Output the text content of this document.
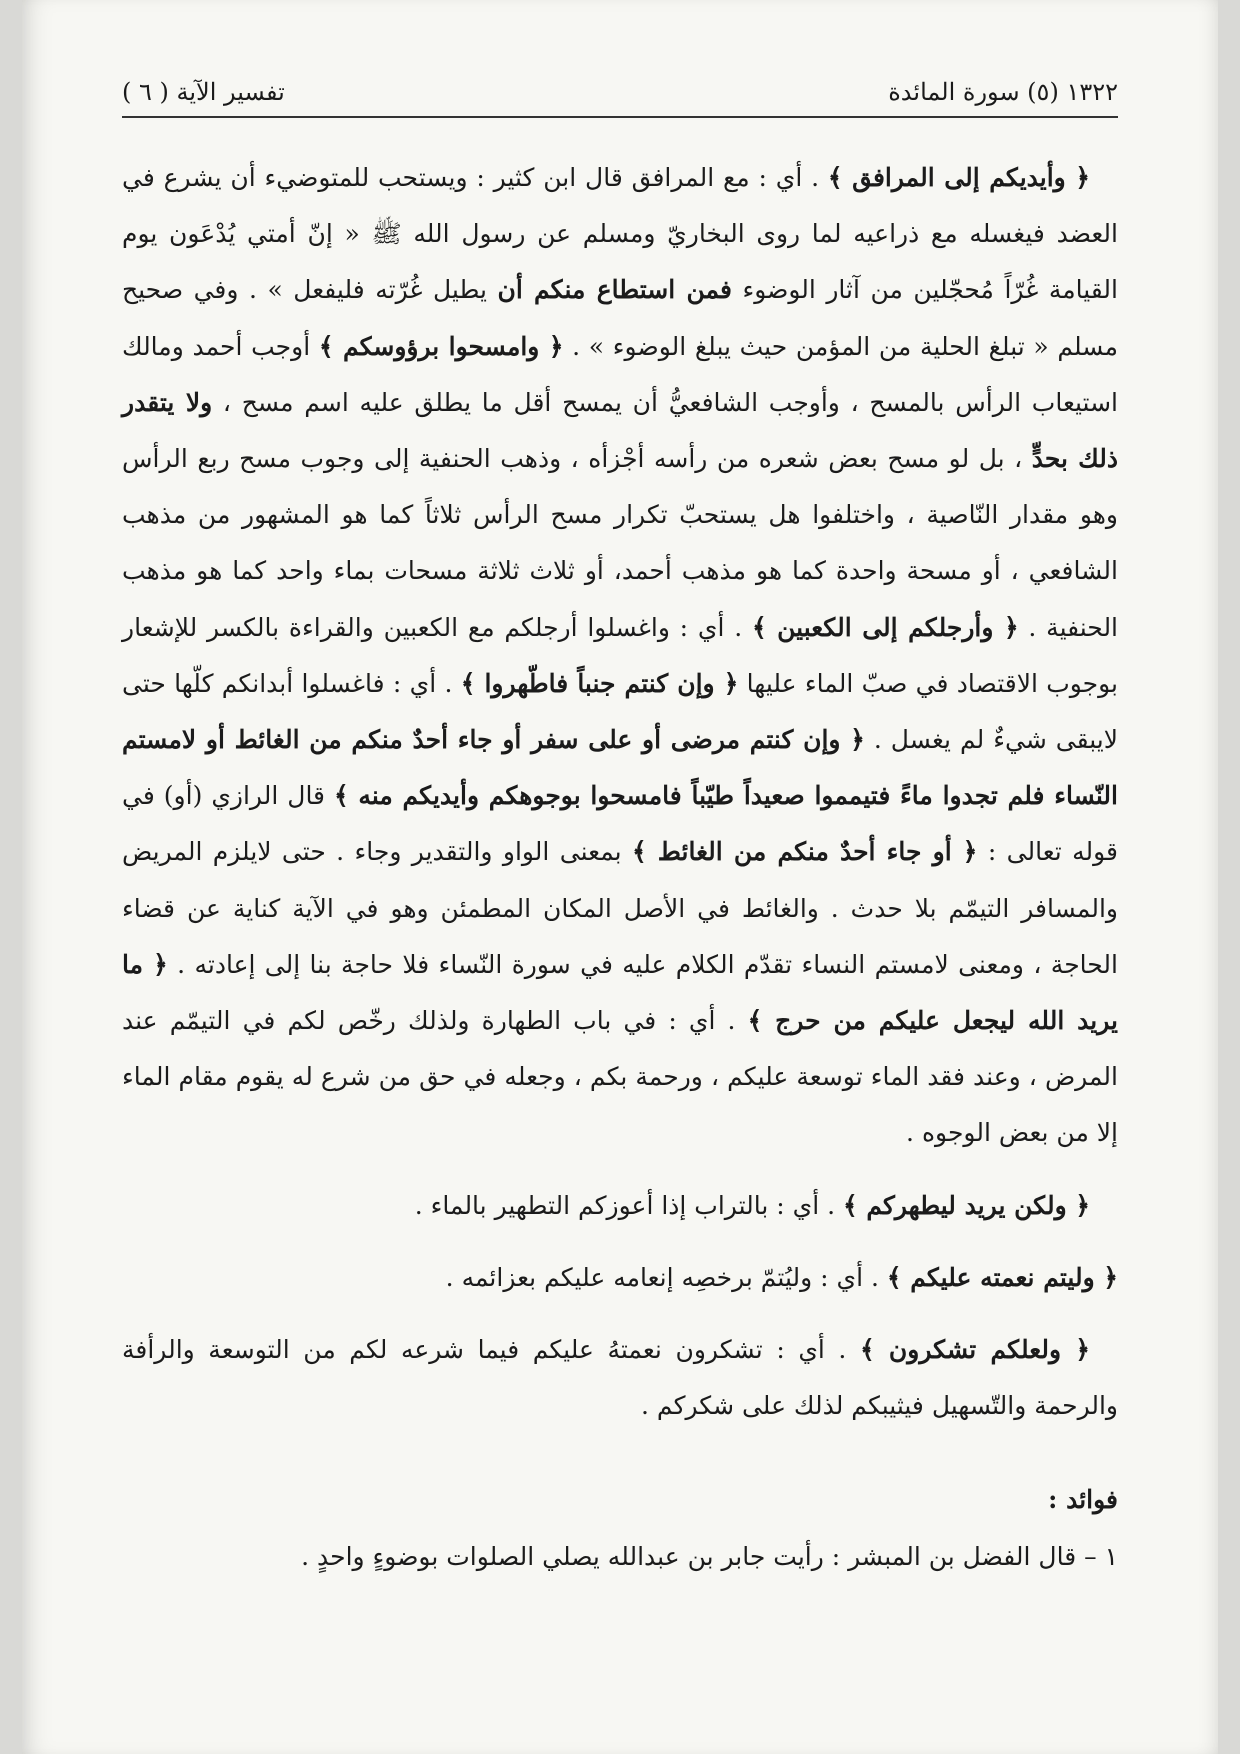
١٣٢٢ (٥) سورة المائدة
تفسير الآية ( ٦ )

﴿ وأيديكم إلى المرافق ﴾ . أي : مع المرافق قال ابن كثير : ويستحب للمتوضيء أن يشرع في العضد فيغسله مع ذراعيه لما روى البخاريّ ومسلم عن رسول الله ﷺ « إنّ أمتي يُدْعَون يوم القيامة غُرّاً مُحجّلين من آثار الوضوء فمن استطاع منكم أن يطيل غُرّته فليفعل » . وفي صحيح مسلم « تبلغ الحلية من المؤمن حيث يبلغ الوضوء » . ﴿ وامسحوا برؤوسكم ﴾ أوجب أحمد ومالك استيعاب الرأس بالمسح ، وأوجب الشافعيُّ أن يمسح أقل ما يطلق عليه اسم مسح ، ولا يتقدر ذلك بحدٍّ ، بل لو مسح بعض شعره من رأسه أجْزأه ، وذهب الحنفية إلى وجوب مسح ربع الرأس وهو مقدار النّاصية ، واختلفوا هل يستحبّ تكرار مسح الرأس ثلاثاً كما هو المشهور من مذهب الشافعي ، أو مسحة واحدة كما هو مذهب أحمد، أو ثلاث ثلاثة مسحات بماء واحد كما هو مذهب الحنفية . ﴿ وأرجلكم إلى الكعبين ﴾ . أي : واغسلوا أرجلكم مع الكعبين والقراءة بالكسر للإشعار بوجوب الاقتصاد في صبّ الماء عليها ﴿ وإن كنتم جنباً فاطّهروا ﴾ . أي : فاغسلوا أبدانكم كلّها حتى لايبقى شيءٌ لم يغسل . ﴿ وإن كنتم مرضى أو على سفر أو جاء أحدٌ منكم من الغائط أو لامستم النّساء فلم تجدوا ماءً فتيمموا صعيداً طيّباً فامسحوا بوجوهكم وأيديكم منه ﴾ قال الرازي (أو) في قوله تعالى : ﴿ أو جاء أحدٌ منكم من الغائط ﴾ بمعنى الواو والتقدير وجاء . حتى لايلزم المريض والمسافر التيمّم بلا حدث . والغائط في الأصل المكان المطمئن وهو في الآية كناية عن قضاء الحاجة ، ومعنى لامستم النساء تقدّم الكلام عليه في سورة النّساء فلا حاجة بنا إلى إعادته . ﴿ ما يريد الله ليجعل عليكم من حرج ﴾ . أي : في باب الطهارة ولذلك رخّص لكم في التيمّم عند المرض ، وعند فقد الماء توسعة عليكم ، ورحمة بكم ، وجعله في حق من شرع له يقوم مقام الماء إلا من بعض الوجوه .

﴿ ولكن يريد ليطهركم ﴾ . أي : بالتراب إذا أعوزكم التطهير بالماء .

﴿ وليتم نعمته عليكم ﴾ . أي : وليُتمّ برخصِه إنعامه عليكم بعزائمه .

﴿ ولعلكم تشكرون ﴾ . أي : تشكرون نعمتهُ عليكم فيما شرعه لكم من التوسعة والرأفة والرحمة والتّسهيل فيثيبكم لذلك على شكركم .

فوائد :

١ – قال الفضل بن المبشر : رأيت جابر بن عبدالله يصلي الصلوات بوضوءٍ واحدٍ .
